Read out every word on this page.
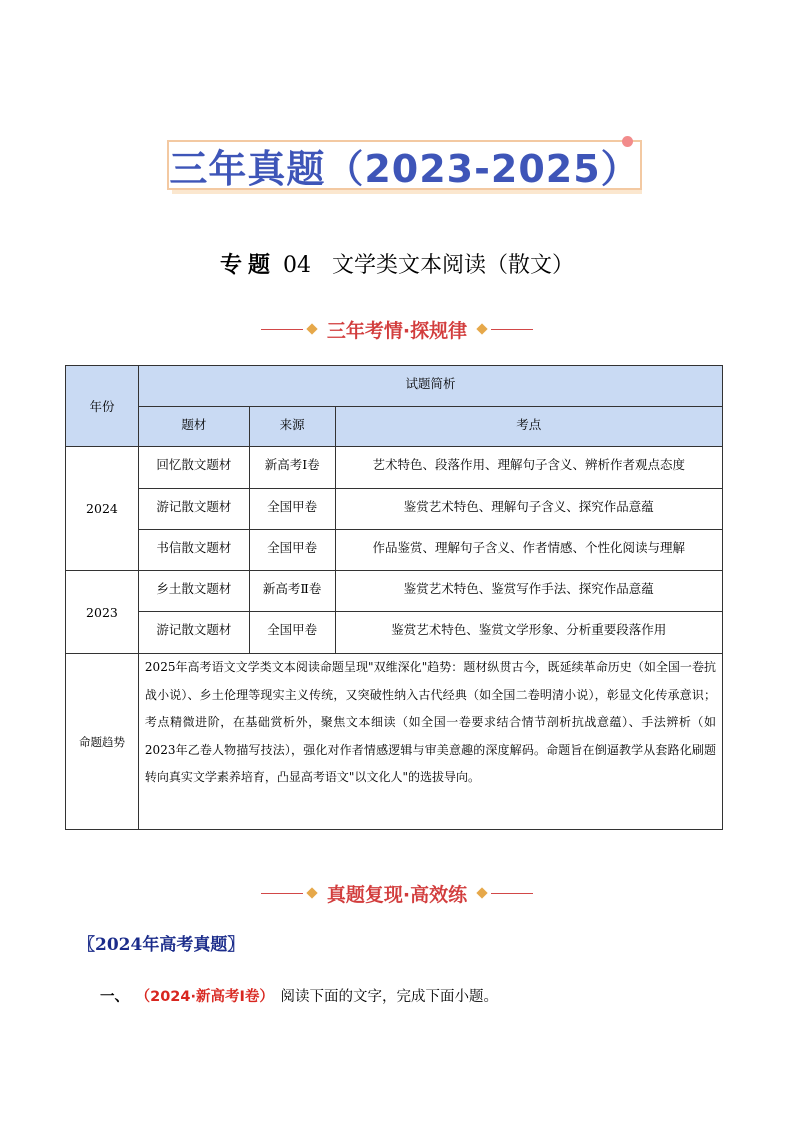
三年真题（2023-2025）
专题 04 文学类文本阅读（散文）
三年考情·探规律
年份	试题简析		
	题材	来源	考点
2024	回忆散文题材	新高考Ⅰ卷	艺术特色、段落作用、理解句子含义、辨析作者观点态度
	游记散文题材	全国甲卷	鉴赏艺术特色、理解句子含义、探究作品意蕴
	书信散文题材	全国甲卷	作品鉴赏、理解句子含义、作者情感、个性化阅读与理解
2023	乡土散文题材	新高考Ⅱ卷	鉴赏艺术特色、鉴赏写作手法、探究作品意蕴
	游记散文题材	全国甲卷	鉴赏艺术特色、鉴赏文学形象、分析重要段落作用
命题趋势	2025年高考语文文学类文本阅读命题呈现"双维深化"趋势：题材纵贯古今，既延续革命历史（如全国一卷抗战小说）、乡土伦理等现实主义传统，又突破性纳入古代经典（如全国二卷明清小说），彰显文化传承意识；考点精微进阶，在基础赏析外，聚焦文本细读（如全国一卷要求结合情节剖析抗战意蕴）、手法辨析（如2023年乙卷人物描写技法），强化对作者情感逻辑与审美意趣的深度解码。命题旨在倒逼教学从套路化刷题转向真实文学素养培育，凸显高考语文"以文化人"的选拔导向。		
真题复现·高效练
〖2024年高考真题〗
一、 （2024·新高考Ⅰ卷） 阅读下面的文字，完成下面小题。
